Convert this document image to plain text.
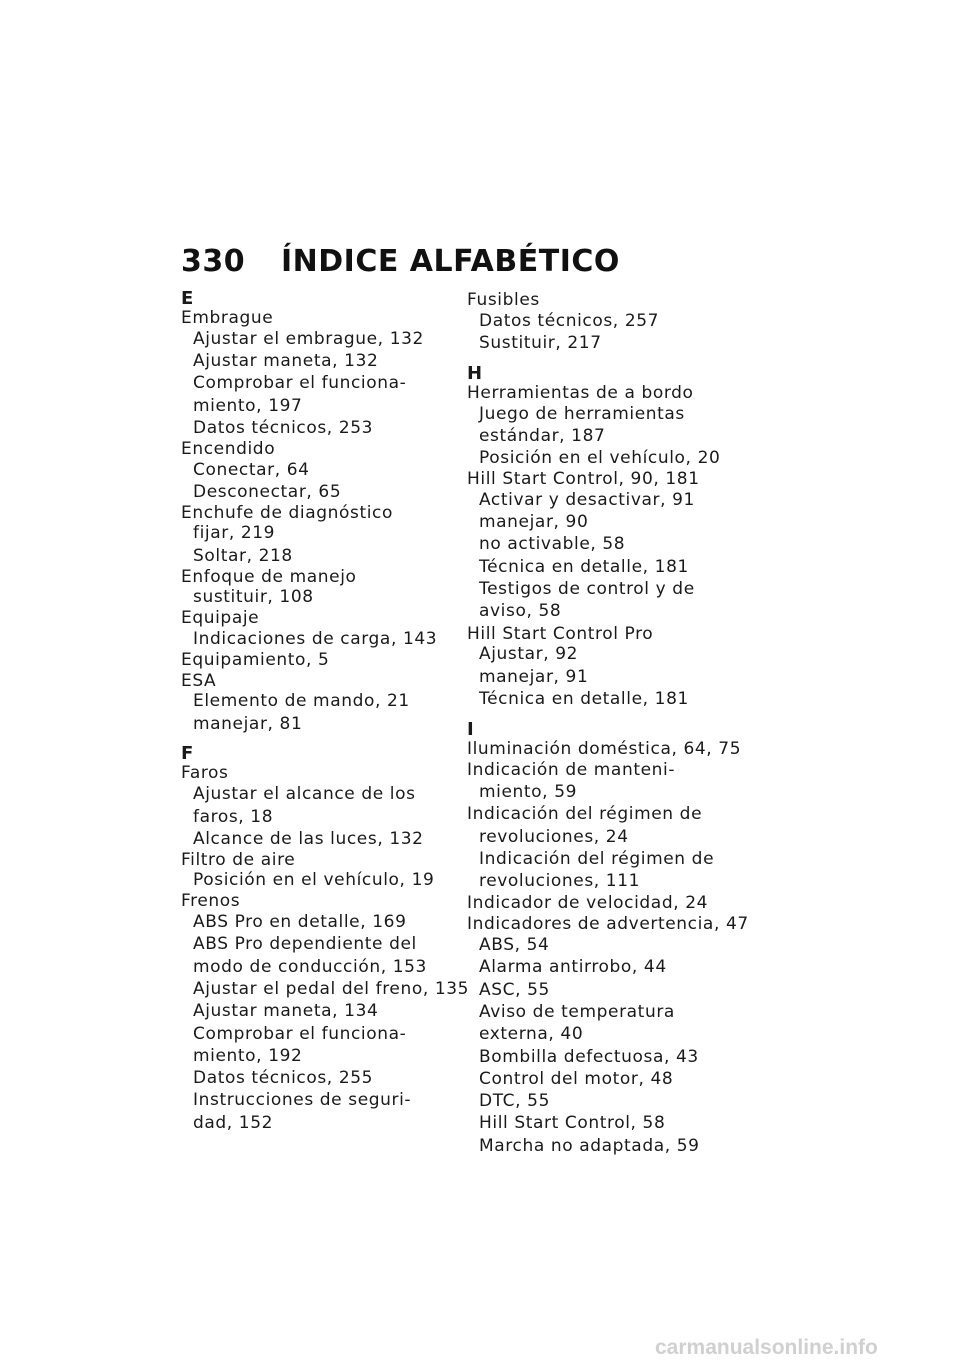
330 ÍNDICE ALFABÉTICO
E
Embrague
Ajustar el embrague, 132
Ajustar maneta, 132
Comprobar el funciona-
miento, 197
Datos técnicos, 253
Encendido
Conectar, 64
Desconectar, 65
Enchufe de diagnóstico
fijar, 219
Soltar, 218
Enfoque de manejo
sustituir, 108
Equipaje
Indicaciones de carga, 143
Equipamiento, 5
ESA
Elemento de mando, 21
manejar, 81
F
Faros
Ajustar el alcance de los
faros, 18
Alcance de las luces, 132
Filtro de aire
Posición en el vehículo, 19
Frenos
ABS Pro en detalle, 169
ABS Pro dependiente del
modo de conducción, 153
Ajustar el pedal del freno, 135
Ajustar maneta, 134
Comprobar el funciona-
miento, 192
Datos técnicos, 255
Instrucciones de seguri-
dad, 152
Fusibles
Datos técnicos, 257
Sustituir, 217
H
Herramientas de a bordo
Juego de herramientas
estándar, 187
Posición en el vehículo, 20
Hill Start Control, 90, 181
Activar y desactivar, 91
manejar, 90
no activable, 58
Técnica en detalle, 181
Testigos de control y de
aviso, 58
Hill Start Control Pro
Ajustar, 92
manejar, 91
Técnica en detalle, 181
I
Iluminación doméstica, 64, 75
Indicación de manteni-
miento, 59
Indicación del régimen de
revoluciones, 24
Indicación del régimen de
revoluciones, 111
Indicador de velocidad, 24
Indicadores de advertencia, 47
ABS, 54
Alarma antirrobo, 44
ASC, 55
Aviso de temperatura
externa, 40
Bombilla defectuosa, 43
Control del motor, 48
DTC, 55
Hill Start Control, 58
Marcha no adaptada, 59
carmanualsonline.info
